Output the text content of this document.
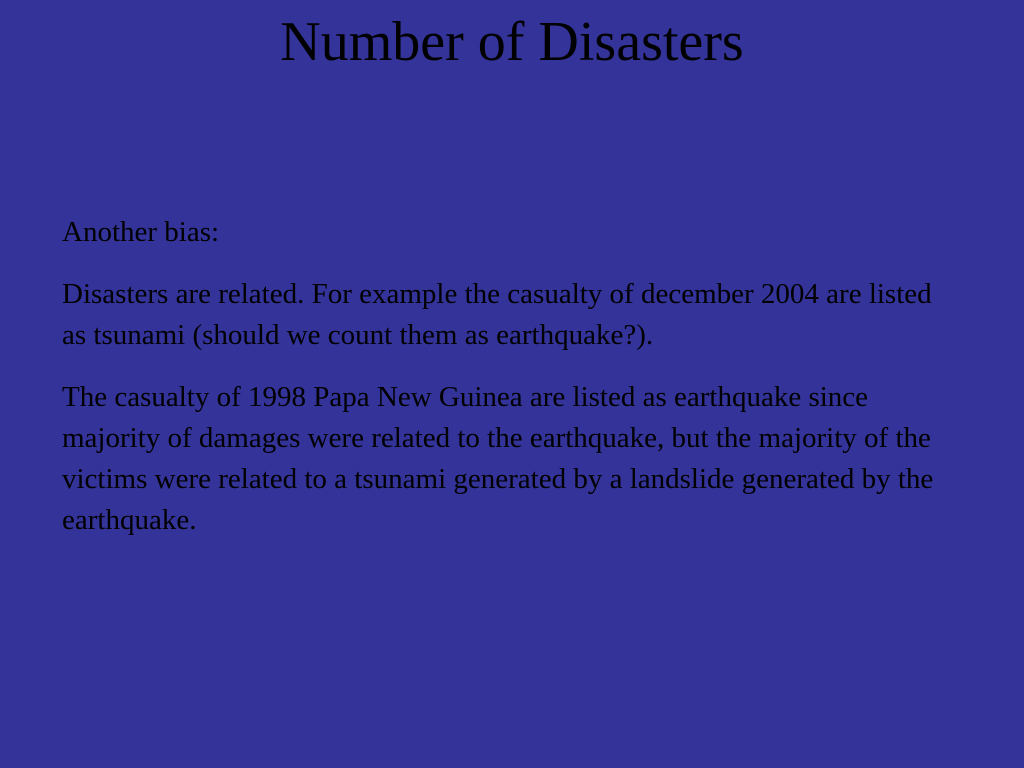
Number of Disasters

Another bias:

Disasters are related. For example the casualty of december 2004 are listed as tsunami (should we count them as earthquake?).

The casualty of 1998 Papa New Guinea are listed as earthquake since majority of damages were related to the earthquake, but the majority of the victims were related to a tsunami generated by a landslide generated by the earthquake.
